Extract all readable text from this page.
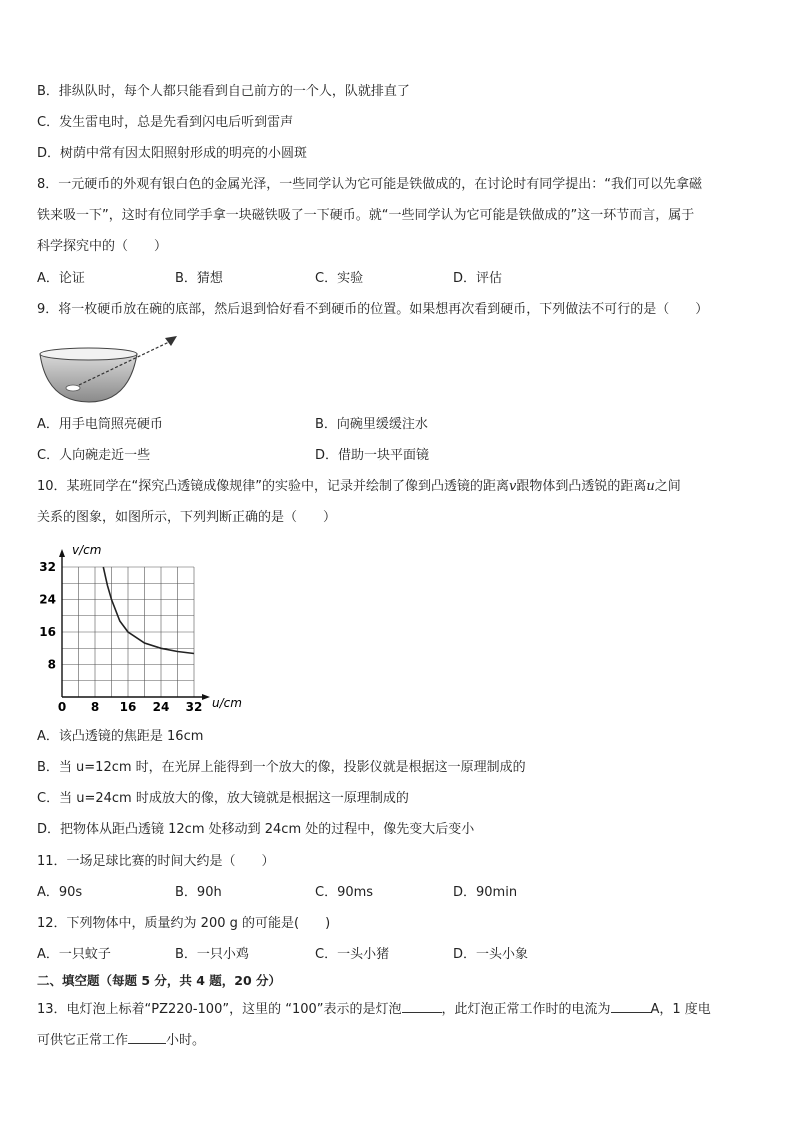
B．排纵队时，每个人都只能看到自己前方的一个人，队就排直了
C．发生雷电时，总是先看到闪电后听到雷声
D．树荫中常有因太阳照射形成的明亮的小圆斑
8．一元硬币的外观有银白色的金属光泽，一些同学认为它可能是铁做成的，在讨论时有同学提出：“我们可以先拿磁
铁来吸一下”，这时有位同学手拿一块磁铁吸了一下硬币。就“一些同学认为它可能是铁做成的”这一环节而言，属于
科学探究中的（　　）
A．论证	B．猜想	C．实验	D．评估
9．将一枚硬币放在碗的底部，然后退到恰好看不到硬币的位置。如果想再次看到硬币，下列做法不可行的是（　　）
A．用手电筒照亮硬币	B．向碗里缓缓注水
C．人向碗走近一些	D．借助一块平面镜
10．某班同学在“探究凸透镜成像规律”的实验中，记录并绘制了像到凸透镜的距离v跟物体到凸透锐的距离u之间
关系的图象，如图所示，下列判断正确的是（　　）
0 8 16 24 32
8
16
24
32
v/cm
u/cm
A．该凸透镜的焦距是 16cm
B．当 u=12cm 时，在光屏上能得到一个放大的像，投影仪就是根据这一原理制成的
C．当 u=24cm 时成放大的像，放大镜就是根据这一原理制成的
D．把物体从距凸透镜 12cm 处移动到 24cm 处的过程中，像先变大后变小
11．一场足球比赛的时间大约是（　　）
A．90s	B．90h	C．90ms	D．90min
12．下列物体中，质量约为 200 g 的可能是(　　)
A．一只蚊子	B．一只小鸡	C．一头小猪	D．一头小象
二、填空题（每题 5 分，共 4 题，20 分）
13．电灯泡上标着“PZ220-100”，这里的 “100”表示的是灯泡	，此灯泡正常工作时的电流为	A，1 度电
可供它正常工作	小时。
